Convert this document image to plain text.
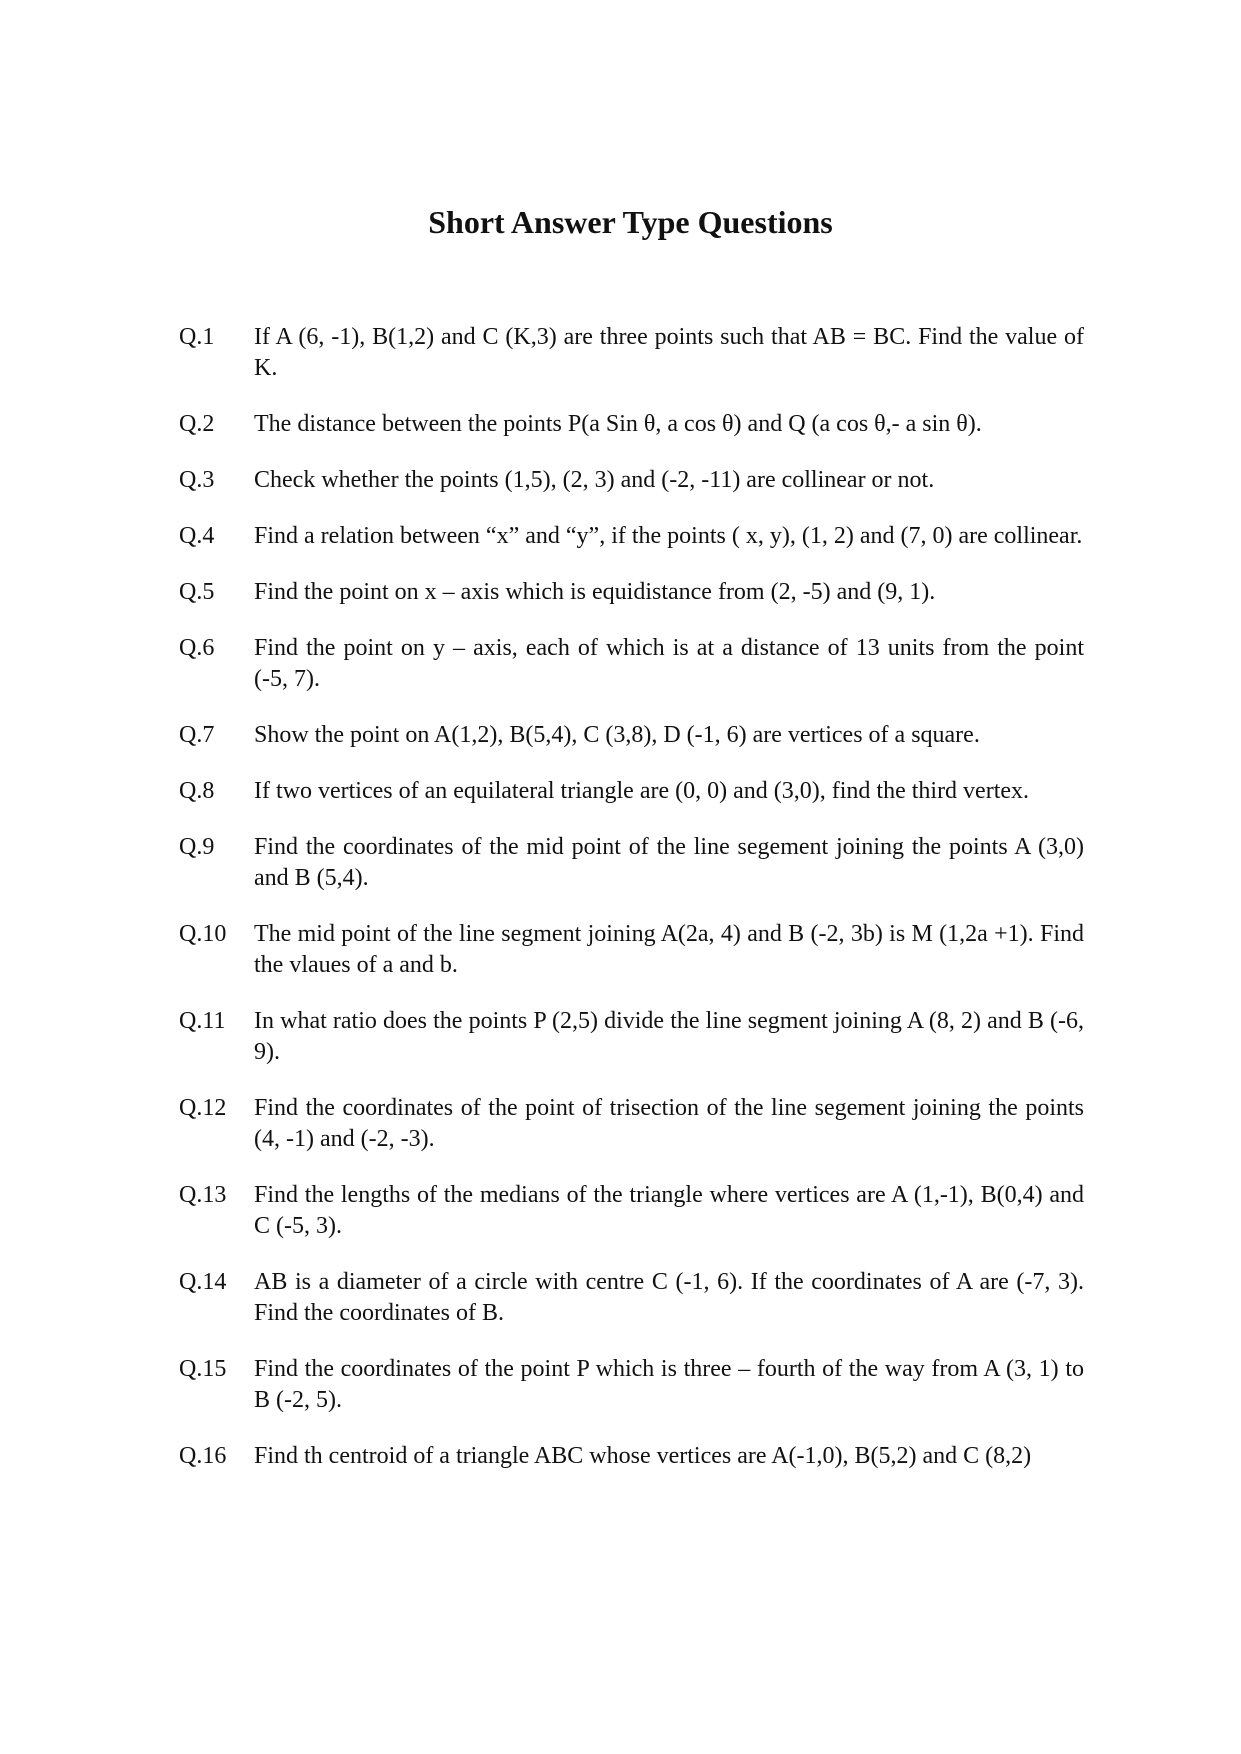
Short Answer Type Questions
Q.1	If A (6, -1), B(1,2) and C (K,3) are three points such that AB = BC. Find the value of K.
Q.2	The distance between the points P(a Sin θ, a cos θ) and Q (a cos θ,- a sin θ).
Q.3	Check whether the points (1,5), (2, 3) and (-2, -11) are collinear or not.
Q.4	Find a relation between “x” and “y”, if the points ( x, y), (1, 2) and (7, 0) are collinear.
Q.5	Find the point on x – axis which is equidistance from (2, -5) and (9, 1).
Q.6	Find the point on y – axis, each of which is at a distance of 13 units from the point (-5, 7).
Q.7	Show the point on A(1,2), B(5,4), C (3,8), D (-1, 6) are vertices of a square.
Q.8	If two vertices of an equilateral triangle are (0, 0) and (3,0), find the third vertex.
Q.9	Find the coordinates of the mid point of the line segement joining the points A (3,0) and B (5,4).
Q.10	The mid point of the line segment joining A(2a, 4) and B (-2, 3b) is M (1,2a +1). Find the vlaues of a and b.
Q.11	In what ratio does the points P (2,5) divide the line segment joining A (8, 2) and B (-6, 9).
Q.12	Find the coordinates of the point of trisection of the line segement joining the points (4, -1) and (-2, -3).
Q.13	Find the lengths of the medians of the triangle where vertices are A (1,-1), B(0,4) and C (-5, 3).
Q.14	AB is a diameter of a circle with centre C (-1, 6). If the coordinates of A are (-7, 3). Find the coordinates of B.
Q.15	Find the coordinates of the point P which is three – fourth of the way from A (3, 1) to B (-2, 5).
Q.16	Find th centroid of a triangle ABC whose vertices are A(-1,0), B(5,2) and C (8,2)
